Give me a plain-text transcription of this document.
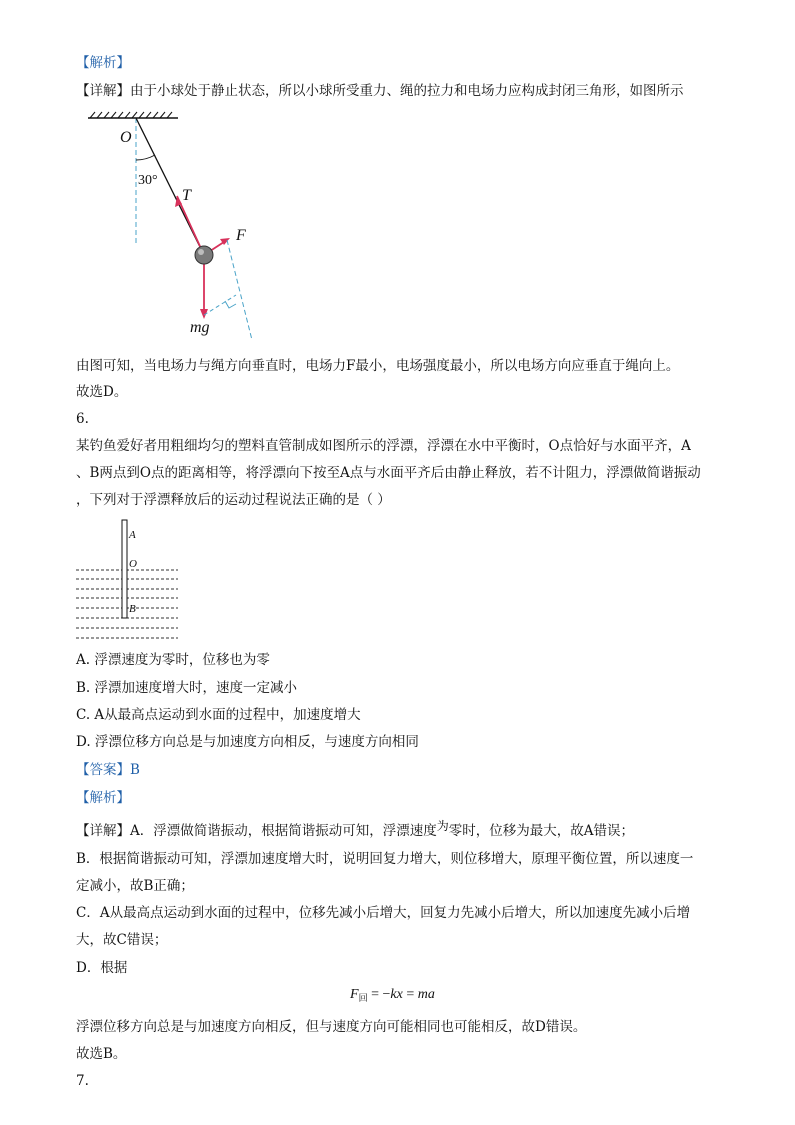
【解析】
【详解】由于小球处于静止状态，所以小球所受重力、绳的拉力和电场力应构成封闭三角形，如图所示
O
30°
T
F
mg
由图可知，当电场力与绳方向垂直时，电场力F最小，电场强度最小，所以电场方向应垂直于绳向上。
故选D。
6.
某钓鱼爱好者用粗细均匀的塑料直管制成如图所示的浮漂，浮漂在水中平衡时，O点恰好与水面平齐，A
、B两点到O点的距离相等，将浮漂向下按至A点与水面平齐后由静止释放，若不计阻力，浮漂做简谐振动
，下列对于浮漂释放后的运动过程说法正确的是（ ）
A
O
B
A. 浮漂速度为零时，位移也为零
B. 浮漂加速度增大时，速度一定减小
C. A从最高点运动到水面的过程中，加速度增大
D. 浮漂位移方向总是与加速度方向相反，与速度方向相同
【答案】B
【解析】
【详解】A．浮漂做简谐振动，根据简谐振动可知，浮漂速度为零时，位移为最大，故A错误；
B．根据简谐振动可知，浮漂加速度增大时，说明回复力增大，则位移增大，原理平衡位置，所以速度一
定减小，故B正确；
C．A从最高点运动到水面的过程中，位移先减小后增大，回复力先减小后增大，所以加速度先减小后增
大，故C错误；
D．根据
$F_回 = -kx$ = ma
浮漂位移方向总是与加速度方向相反，但与速度方向可能相同也可能相反，故D错误。
故选B。
7.
